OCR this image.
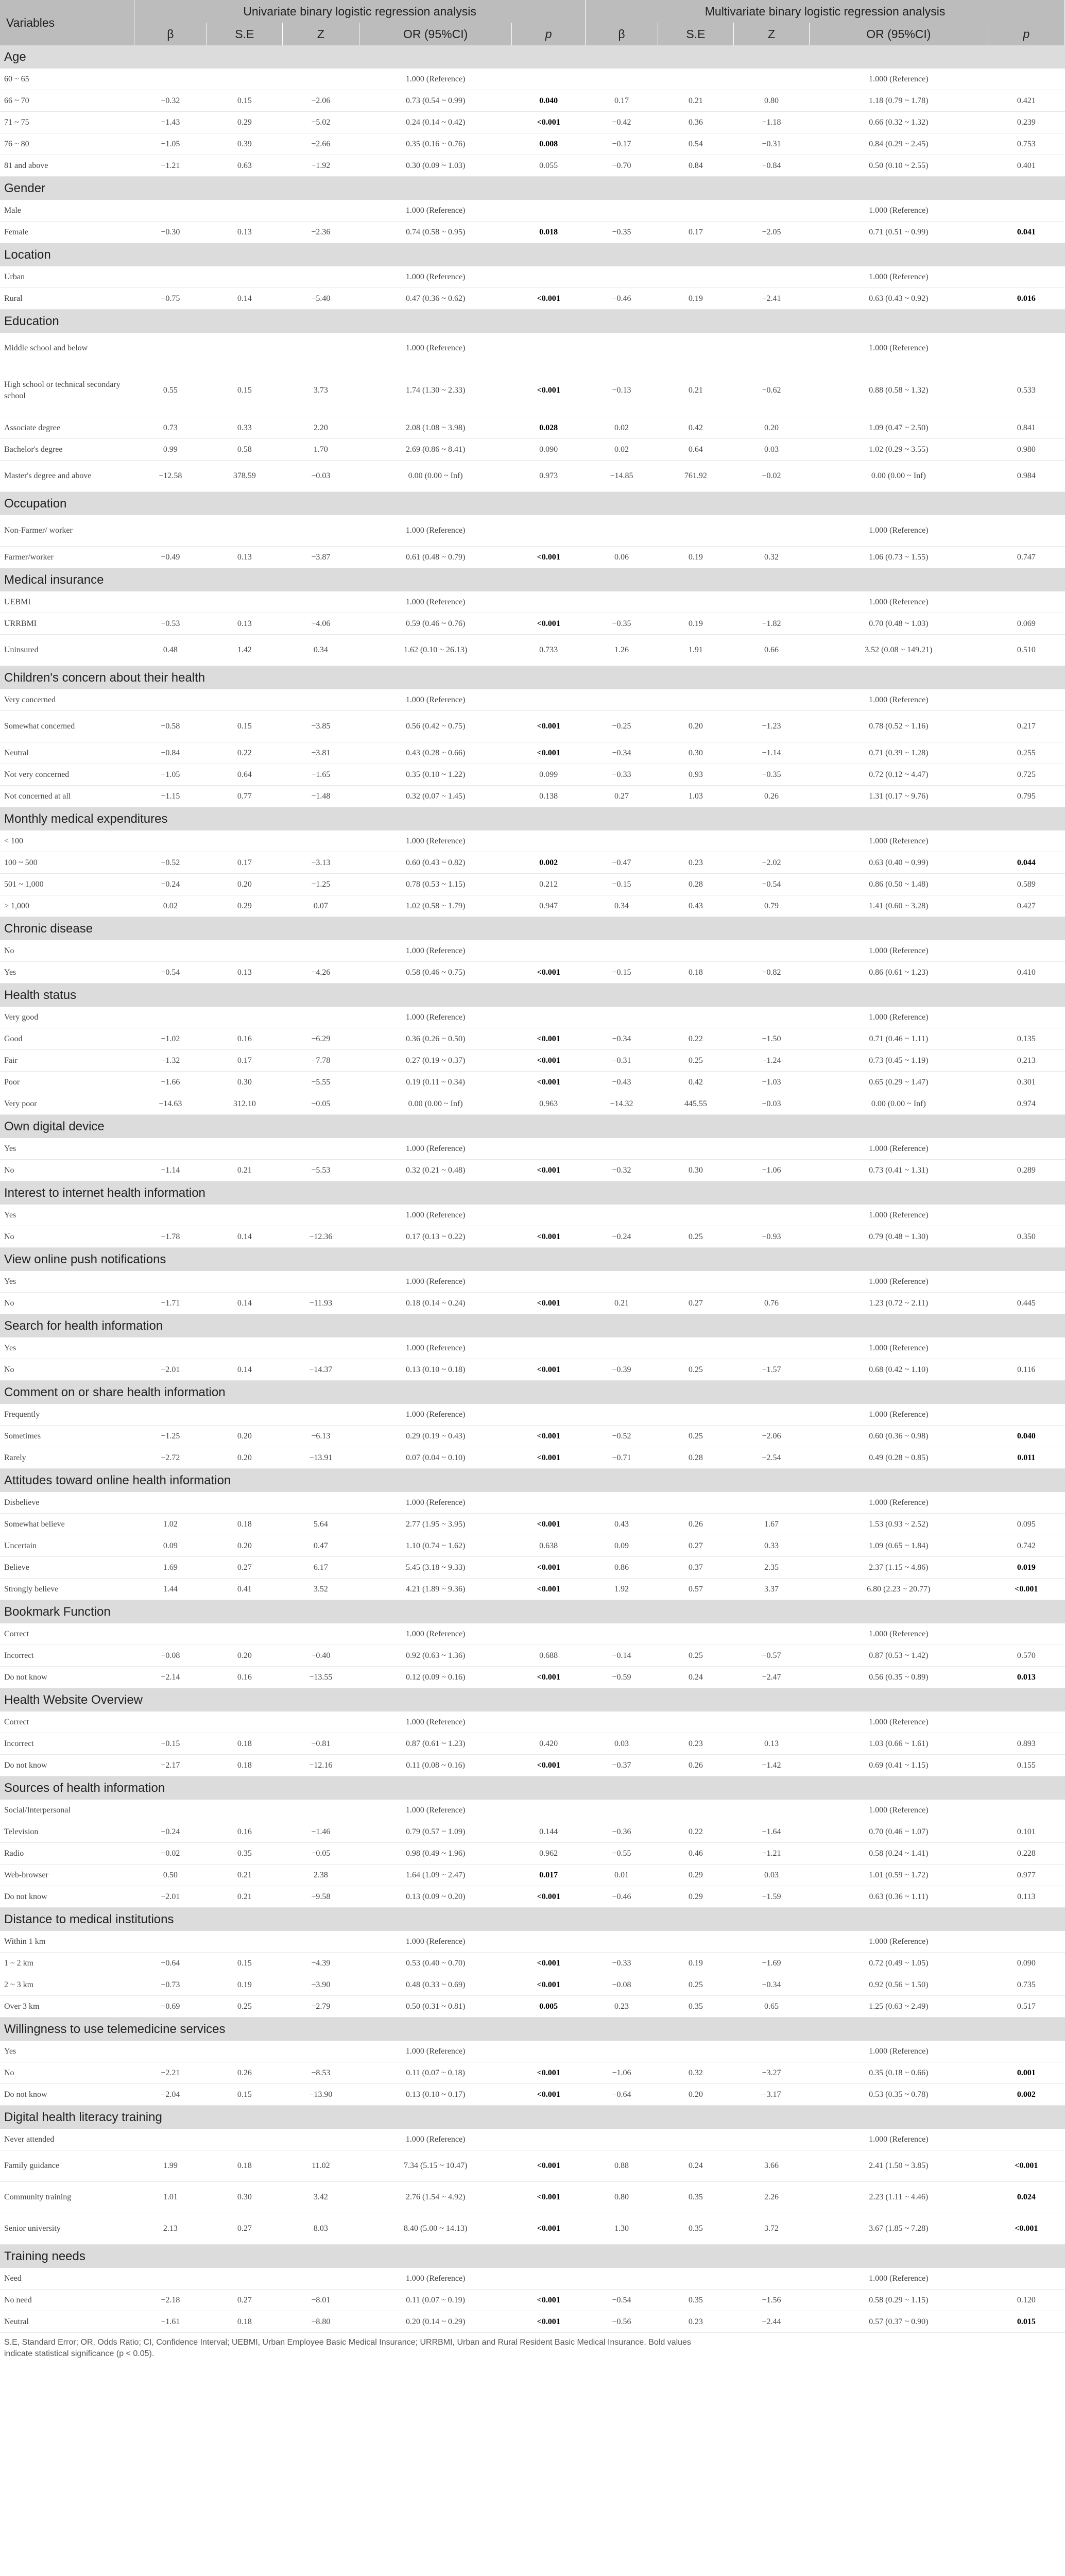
Variables	Univariate binary logistic regression analysis					Multivariate binary logistic regression analysis				
	β	S.E	Z	OR (95%CI)	p	β	S.E	Z	OR (95%CI)	p
Age										
60 ~ 65				1.000 (Reference)					1.000 (Reference)	
66 ~ 70	−0.32	0.15	−2.06	0.73 (0.54 ~ 0.99)	0.040	0.17	0.21	0.80	1.18 (0.79 ~ 1.78)	0.421
71 ~ 75	−1.43	0.29	−5.02	0.24 (0.14 ~ 0.42)	<0.001	−0.42	0.36	−1.18	0.66 (0.32 ~ 1.32)	0.239
76 ~ 80	−1.05	0.39	−2.66	0.35 (0.16 ~ 0.76)	0.008	−0.17	0.54	−0.31	0.84 (0.29 ~ 2.45)	0.753
81 and above	−1.21	0.63	−1.92	0.30 (0.09 ~ 1.03)	0.055	−0.70	0.84	−0.84	0.50 (0.10 ~ 2.55)	0.401
Gender										
Male				1.000 (Reference)					1.000 (Reference)	
Female	−0.30	0.13	−2.36	0.74 (0.58 ~ 0.95)	0.018	−0.35	0.17	−2.05	0.71 (0.51 ~ 0.99)	0.041
Location										
Urban				1.000 (Reference)					1.000 (Reference)	
Rural	−0.75	0.14	−5.40	0.47 (0.36 ~ 0.62)	<0.001	−0.46	0.19	−2.41	0.63 (0.43 ~ 0.92)	0.016
Education										
Middle school and below				1.000 (Reference)					1.000 (Reference)	
High school or technical secondary school	0.55	0.15	3.73	1.74 (1.30 ~ 2.33)	<0.001	−0.13	0.21	−0.62	0.88 (0.58 ~ 1.32)	0.533
Associate degree	0.73	0.33	2.20	2.08 (1.08 ~ 3.98)	0.028	0.02	0.42	0.20	1.09 (0.47 ~ 2.50)	0.841
Bachelor's degree	0.99	0.58	1.70	2.69 (0.86 ~ 8.41)	0.090	0.02	0.64	0.03	1.02 (0.29 ~ 3.55)	0.980
Master's degree and above	−12.58	378.59	−0.03	0.00 (0.00 ~ Inf)	0.973	−14.85	761.92	−0.02	0.00 (0.00 ~ Inf)	0.984
Occupation										
Non-Farmer/ worker				1.000 (Reference)					1.000 (Reference)	
Farmer/worker	−0.49	0.13	−3.87	0.61 (0.48 ~ 0.79)	<0.001	0.06	0.19	0.32	1.06 (0.73 ~ 1.55)	0.747
Medical insurance										
UEBMI				1.000 (Reference)					1.000 (Reference)	
URRBMI	−0.53	0.13	−4.06	0.59 (0.46 ~ 0.76)	<0.001	−0.35	0.19	−1.82	0.70 (0.48 ~ 1.03)	0.069
Uninsured	0.48	1.42	0.34	1.62 (0.10 ~ 26.13)	0.733	1.26	1.91	0.66	3.52 (0.08 ~ 149.21)	0.510
Children's concern about their health										
Very concerned				1.000 (Reference)					1.000 (Reference)	
Somewhat concerned	−0.58	0.15	−3.85	0.56 (0.42 ~ 0.75)	<0.001	−0.25	0.20	−1.23	0.78 (0.52 ~ 1.16)	0.217
Neutral	−0.84	0.22	−3.81	0.43 (0.28 ~ 0.66)	<0.001	−0.34	0.30	−1.14	0.71 (0.39 ~ 1.28)	0.255
Not very concerned	−1.05	0.64	−1.65	0.35 (0.10 ~ 1.22)	0.099	−0.33	0.93	−0.35	0.72 (0.12 ~ 4.47)	0.725
Not concerned at all	−1.15	0.77	−1.48	0.32 (0.07 ~ 1.45)	0.138	0.27	1.03	0.26	1.31 (0.17 ~ 9.76)	0.795
Monthly medical expenditures										
< 100				1.000 (Reference)					1.000 (Reference)	
100 ~ 500	−0.52	0.17	−3.13	0.60 (0.43 ~ 0.82)	0.002	−0.47	0.23	−2.02	0.63 (0.40 ~ 0.99)	0.044
501 ~ 1,000	−0.24	0.20	−1.25	0.78 (0.53 ~ 1.15)	0.212	−0.15	0.28	−0.54	0.86 (0.50 ~ 1.48)	0.589
> 1,000	0.02	0.29	0.07	1.02 (0.58 ~ 1.79)	0.947	0.34	0.43	0.79	1.41 (0.60 ~ 3.28)	0.427
Chronic disease										
No				1.000 (Reference)					1.000 (Reference)	
Yes	−0.54	0.13	−4.26	0.58 (0.46 ~ 0.75)	<0.001	−0.15	0.18	−0.82	0.86 (0.61 ~ 1.23)	0.410
Health status										
Very good				1.000 (Reference)					1.000 (Reference)	
Good	−1.02	0.16	−6.29	0.36 (0.26 ~ 0.50)	<0.001	−0.34	0.22	−1.50	0.71 (0.46 ~ 1.11)	0.135
Fair	−1.32	0.17	−7.78	0.27 (0.19 ~ 0.37)	<0.001	−0.31	0.25	−1.24	0.73 (0.45 ~ 1.19)	0.213
Poor	−1.66	0.30	−5.55	0.19 (0.11 ~ 0.34)	<0.001	−0.43	0.42	−1.03	0.65 (0.29 ~ 1.47)	0.301
Very poor	−14.63	312.10	−0.05	0.00 (0.00 ~ Inf)	0.963	−14.32	445.55	−0.03	0.00 (0.00 ~ Inf)	0.974
Own digital device										
Yes				1.000 (Reference)					1.000 (Reference)	
No	−1.14	0.21	−5.53	0.32 (0.21 ~ 0.48)	<0.001	−0.32	0.30	−1.06	0.73 (0.41 ~ 1.31)	0.289
Interest to internet health information										
Yes				1.000 (Reference)					1.000 (Reference)	
No	−1.78	0.14	−12.36	0.17 (0.13 ~ 0.22)	<0.001	−0.24	0.25	−0.93	0.79 (0.48 ~ 1.30)	0.350
View online push notifications										
Yes				1.000 (Reference)					1.000 (Reference)	
No	−1.71	0.14	−11.93	0.18 (0.14 ~ 0.24)	<0.001	0.21	0.27	0.76	1.23 (0.72 ~ 2.11)	0.445
Search for health information										
Yes				1.000 (Reference)					1.000 (Reference)	
No	−2.01	0.14	−14.37	0.13 (0.10 ~ 0.18)	<0.001	−0.39	0.25	−1.57	0.68 (0.42 ~ 1.10)	0.116
Comment on or share health information										
Frequently				1.000 (Reference)					1.000 (Reference)	
Sometimes	−1.25	0.20	−6.13	0.29 (0.19 ~ 0.43)	<0.001	−0.52	0.25	−2.06	0.60 (0.36 ~ 0.98)	0.040
Rarely	−2.72	0.20	−13.91	0.07 (0.04 ~ 0.10)	<0.001	−0.71	0.28	−2.54	0.49 (0.28 ~ 0.85)	0.011
Attitudes toward online health information										
Disbelieve				1.000 (Reference)					1.000 (Reference)	
Somewhat believe	1.02	0.18	5.64	2.77 (1.95 ~ 3.95)	<0.001	0.43	0.26	1.67	1.53 (0.93 ~ 2.52)	0.095
Uncertain	0.09	0.20	0.47	1.10 (0.74 ~ 1.62)	0.638	0.09	0.27	0.33	1.09 (0.65 ~ 1.84)	0.742
Believe	1.69	0.27	6.17	5.45 (3.18 ~ 9.33)	<0.001	0.86	0.37	2.35	2.37 (1.15 ~ 4.86)	0.019
Strongly believe	1.44	0.41	3.52	4.21 (1.89 ~ 9.36)	<0.001	1.92	0.57	3.37	6.80 (2.23 ~ 20.77)	<0.001
Bookmark Function										
Correct				1.000 (Reference)					1.000 (Reference)	
Incorrect	−0.08	0.20	−0.40	0.92 (0.63 ~ 1.36)	0.688	−0.14	0.25	−0.57	0.87 (0.53 ~ 1.42)	0.570
Do not know	−2.14	0.16	−13.55	0.12 (0.09 ~ 0.16)	<0.001	−0.59	0.24	−2.47	0.56 (0.35 ~ 0.89)	0.013
Health Website Overview										
Correct				1.000 (Reference)					1.000 (Reference)	
Incorrect	−0.15	0.18	−0.81	0.87 (0.61 ~ 1.23)	0.420	0.03	0.23	0.13	1.03 (0.66 ~ 1.61)	0.893
Do not know	−2.17	0.18	−12.16	0.11 (0.08 ~ 0.16)	<0.001	−0.37	0.26	−1.42	0.69 (0.41 ~ 1.15)	0.155
Sources of health information										
Social/Interpersonal				1.000 (Reference)					1.000 (Reference)	
Television	−0.24	0.16	−1.46	0.79 (0.57 ~ 1.09)	0.144	−0.36	0.22	−1.64	0.70 (0.46 ~ 1.07)	0.101
Radio	−0.02	0.35	−0.05	0.98 (0.49 ~ 1.96)	0.962	−0.55	0.46	−1.21	0.58 (0.24 ~ 1.41)	0.228
Web-browser	0.50	0.21	2.38	1.64 (1.09 ~ 2.47)	0.017	0.01	0.29	0.03	1.01 (0.59 ~ 1.72)	0.977
Do not know	−2.01	0.21	−9.58	0.13 (0.09 ~ 0.20)	<0.001	−0.46	0.29	−1.59	0.63 (0.36 ~ 1.11)	0.113
Distance to medical institutions										
Within 1 km				1.000 (Reference)					1.000 (Reference)	
1 ~ 2 km	−0.64	0.15	−4.39	0.53 (0.40 ~ 0.70)	<0.001	−0.33	0.19	−1.69	0.72 (0.49 ~ 1.05)	0.090
2 ~ 3 km	−0.73	0.19	−3.90	0.48 (0.33 ~ 0.69)	<0.001	−0.08	0.25	−0.34	0.92 (0.56 ~ 1.50)	0.735
Over 3 km	−0.69	0.25	−2.79	0.50 (0.31 ~ 0.81)	0.005	0.23	0.35	0.65	1.25 (0.63 ~ 2.49)	0.517
Willingness to use telemedicine services										
Yes				1.000 (Reference)					1.000 (Reference)	
No	−2.21	0.26	−8.53	0.11 (0.07 ~ 0.18)	<0.001	−1.06	0.32	−3.27	0.35 (0.18 ~ 0.66)	0.001
Do not know	−2.04	0.15	−13.90	0.13 (0.10 ~ 0.17)	<0.001	−0.64	0.20	−3.17	0.53 (0.35 ~ 0.78)	0.002
Digital health literacy training										
Never attended				1.000 (Reference)					1.000 (Reference)	
Family guidance	1.99	0.18	11.02	7.34 (5.15 ~ 10.47)	<0.001	0.88	0.24	3.66	2.41 (1.50 ~ 3.85)	<0.001
Community training	1.01	0.30	3.42	2.76 (1.54 ~ 4.92)	<0.001	0.80	0.35	2.26	2.23 (1.11 ~ 4.46)	0.024
Senior university	2.13	0.27	8.03	8.40 (5.00 ~ 14.13)	<0.001	1.30	0.35	3.72	3.67 (1.85 ~ 7.28)	<0.001
Training needs										
Need				1.000 (Reference)					1.000 (Reference)	
No need	−2.18	0.27	−8.01	0.11 (0.07 ~ 0.19)	<0.001	−0.54	0.35	−1.56	0.58 (0.29 ~ 1.15)	0.120
Neutral	−1.61	0.18	−8.80	0.20 (0.14 ~ 0.29)	<0.001	−0.56	0.23	−2.44	0.57 (0.37 ~ 0.90)	0.015
S.E, Standard Error; OR, Odds Ratio; CI, Confidence Interval; UEBMI, Urban Employee Basic Medical Insurance; URRBMI, Urban and Rural Resident Basic Medical Insurance. Bold values
indicate statistical significance (p < 0.05).
